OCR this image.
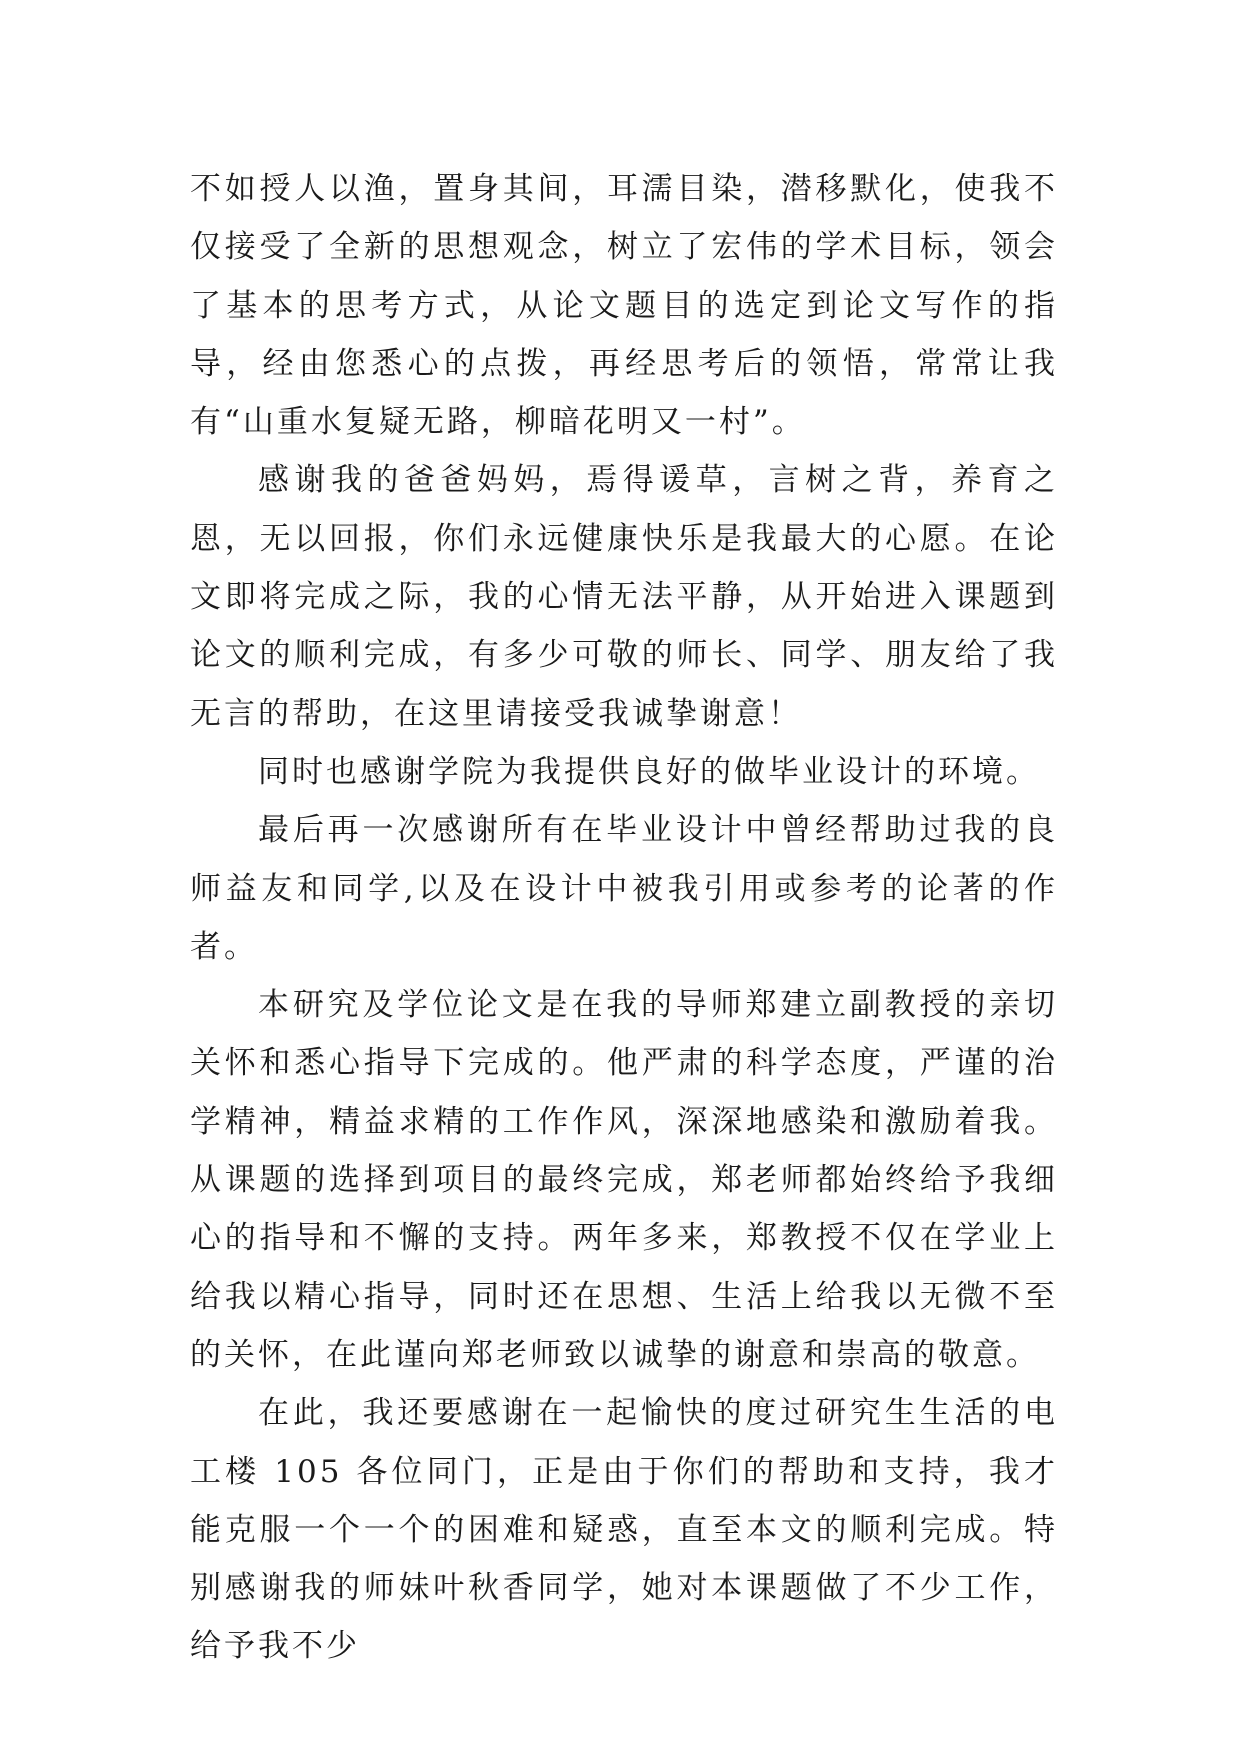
不如授人以渔，置身其间，耳濡目染，潜移默化，使我不仅接受了全新的思想观念，树立了宏伟的学术目标，领会了基本的思考方式，从论文题目的选定到论文写作的指导，经由您悉心的点拨，再经思考后的领悟，常常让我有“山重水复疑无路，柳暗花明又一村”。

感谢我的爸爸妈妈，焉得谖草，言树之背，养育之恩，无以回报，你们永远健康快乐是我最大的心愿。在论文即将完成之际，我的心情无法平静，从开始进入课题到论文的顺利完成，有多少可敬的师长、同学、朋友给了我无言的帮助，在这里请接受我诚挚谢意！

同时也感谢学院为我提供良好的做毕业设计的环境。

最后再一次感谢所有在毕业设计中曾经帮助过我的良师益友和同学,以及在设计中被我引用或参考的论著的作者。

本研究及学位论文是在我的导师郑建立副教授的亲切关怀和悉心指导下完成的。他严肃的科学态度，严谨的治学精神，精益求精的工作作风，深深地感染和激励着我。从课题的选择到项目的最终完成，郑老师都始终给予我细心的指导和不懈的支持。两年多来，郑教授不仅在学业上给我以精心指导，同时还在思想、生活上给我以无微不至的关怀，在此谨向郑老师致以诚挚的谢意和崇高的敬意。

在此，我还要感谢在一起愉快的度过研究生生活的电工楼 105 各位同门，正是由于你们的帮助和支持，我才能克服一个一个的困难和疑惑，直至本文的顺利完成。特别感谢我的师妹叶秋香同学，她对本课题做了不少工作，给予我不少
